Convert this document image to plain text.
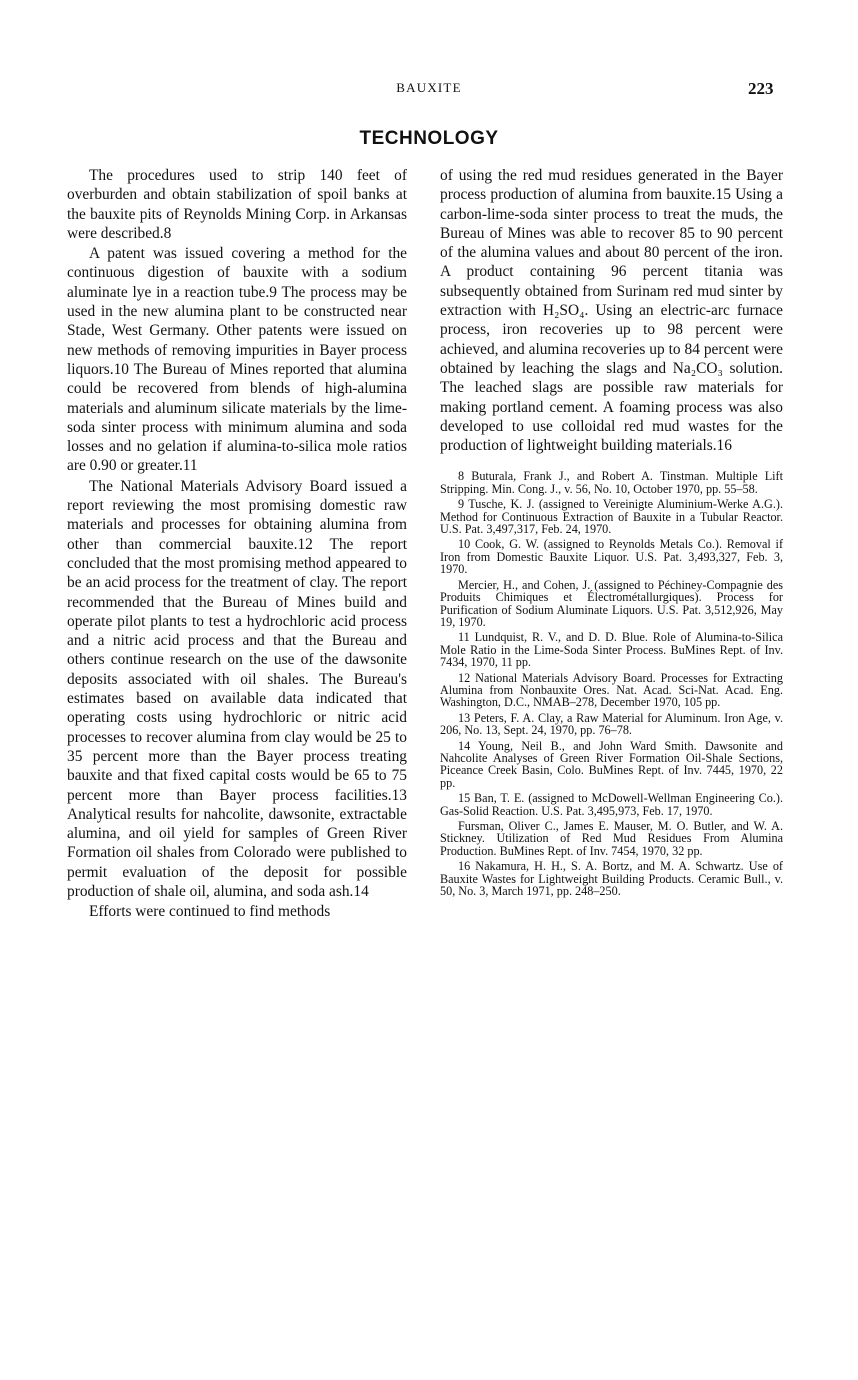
BAUXITE	223
TECHNOLOGY

The procedures used to strip 140 feet of overburden and obtain stabilization of spoil banks at the bauxite pits of Reynolds Mining Corp. in Arkansas were described.8

A patent was issued covering a method for the continuous digestion of bauxite with a sodium aluminate lye in a reaction tube.9 The process may be used in the new alumina plant to be constructed near Stade, West Germany. Other patents were issued on new methods of removing impurities in Bayer process liquors.10 The Bureau of Mines reported that alumina could be recovered from blends of high-alumina materials and aluminum silicate materials by the lime-soda sinter process with minimum alumina and soda losses and no gelation if alumina-to-silica mole ratios are 0.90 or greater.11

The National Materials Advisory Board issued a report reviewing the most promising domestic raw materials and processes for obtaining alumina from other than commercial bauxite.12 The report concluded that the most promising method appeared to be an acid process for the treatment of clay. The report recommended that the Bureau of Mines build and operate pilot plants to test a hydrochloric acid process and a nitric acid process and that the Bureau and others continue research on the use of the dawsonite deposits associated with oil shales. The Bureau's estimates based on available data indicated that operating costs using hydrochloric or nitric acid processes to recover alumina from clay would be 25 to 35 percent more than the Bayer process treating bauxite and that fixed capital costs would be 65 to 75 percent more than Bayer process facilities.13 Analytical results for nahcolite, dawsonite, extractable alumina, and oil yield for samples of Green River Formation oil shales from Colorado were published to permit evaluation of the deposit for possible production of shale oil, alumina, and soda ash.14

Efforts were continued to find methods

of using the red mud residues generated in the Bayer process production of alumina from bauxite.15 Using a carbon-lime-soda sinter process to treat the muds, the Bureau of Mines was able to recover 85 to 90 percent of the alumina values and about 80 percent of the iron. A product containing 96 percent titania was subsequently obtained from Surinam red mud sinter by extraction with H₂SO₄. Using an electric-arc furnace process, iron recoveries up to 98 percent were achieved, and alumina recoveries up to 84 percent were obtained by leaching the slags and Na₂CO₃ solution. The leached slags are possible raw materials for making portland cement. A foaming process was also developed to use colloidal red mud wastes for the production of lightweight building materials.16

8 Buturala, Frank J., and Robert A. Tinstman. Multiple Lift Stripping. Min. Cong. J., v. 56, No. 10, October 1970, pp. 55–58.

9 Tusche, K. J. (assigned to Vereinigte Aluminium-Werke A.G.). Method for Continuous Extraction of Bauxite in a Tubular Reactor. U.S. Pat. 3,497,317, Feb. 24, 1970.

10 Cook, G. W. (assigned to Reynolds Metals Co.). Removal if Iron from Domestic Bauxite Liquor. U.S. Pat. 3,493,327, Feb. 3, 1970.

Mercier, H., and Cohen, J. (assigned to Péchiney-Compagnie des Produits Chimiques et Électrométallurgiques). Process for Purification of Sodium Aluminate Liquors. U.S. Pat. 3,512,926, May 19, 1970.

11 Lundquist, R. V., and D. D. Blue. Role of Alumina-to-Silica Mole Ratio in the Lime-Soda Sinter Process. BuMines Rept. of Inv. 7434, 1970, 11 pp.

12 National Materials Advisory Board. Processes for Extracting Alumina from Nonbauxite Ores. Nat. Acad. Sci-Nat. Acad. Eng. Washington, D.C., NMAB–278, December 1970, 105 pp.

13 Peters, F. A. Clay, a Raw Material for Aluminum. Iron Age, v. 206, No. 13, Sept. 24, 1970, pp. 76–78.

14 Young, Neil B., and John Ward Smith. Dawsonite and Nahcolite Analyses of Green River Formation Oil-Shale Sections, Piceance Creek Basin, Colo. BuMines Rept. of Inv. 7445, 1970, 22 pp.

15 Ban, T. E. (assigned to McDowell-Wellman Engineering Co.). Gas-Solid Reaction. U.S. Pat. 3,495,973, Feb. 17, 1970.

Fursman, Oliver C., James E. Mauser, M. O. Butler, and W. A. Stickney. Utilization of Red Mud Residues From Alumina Production. BuMines Rept. of Inv. 7454, 1970, 32 pp.

16 Nakamura, H. H., S. A. Bortz, and M. A. Schwartz. Use of Bauxite Wastes for Lightweight Building Products. Ceramic Bull., v. 50, No. 3, March 1971, pp. 248–250.
